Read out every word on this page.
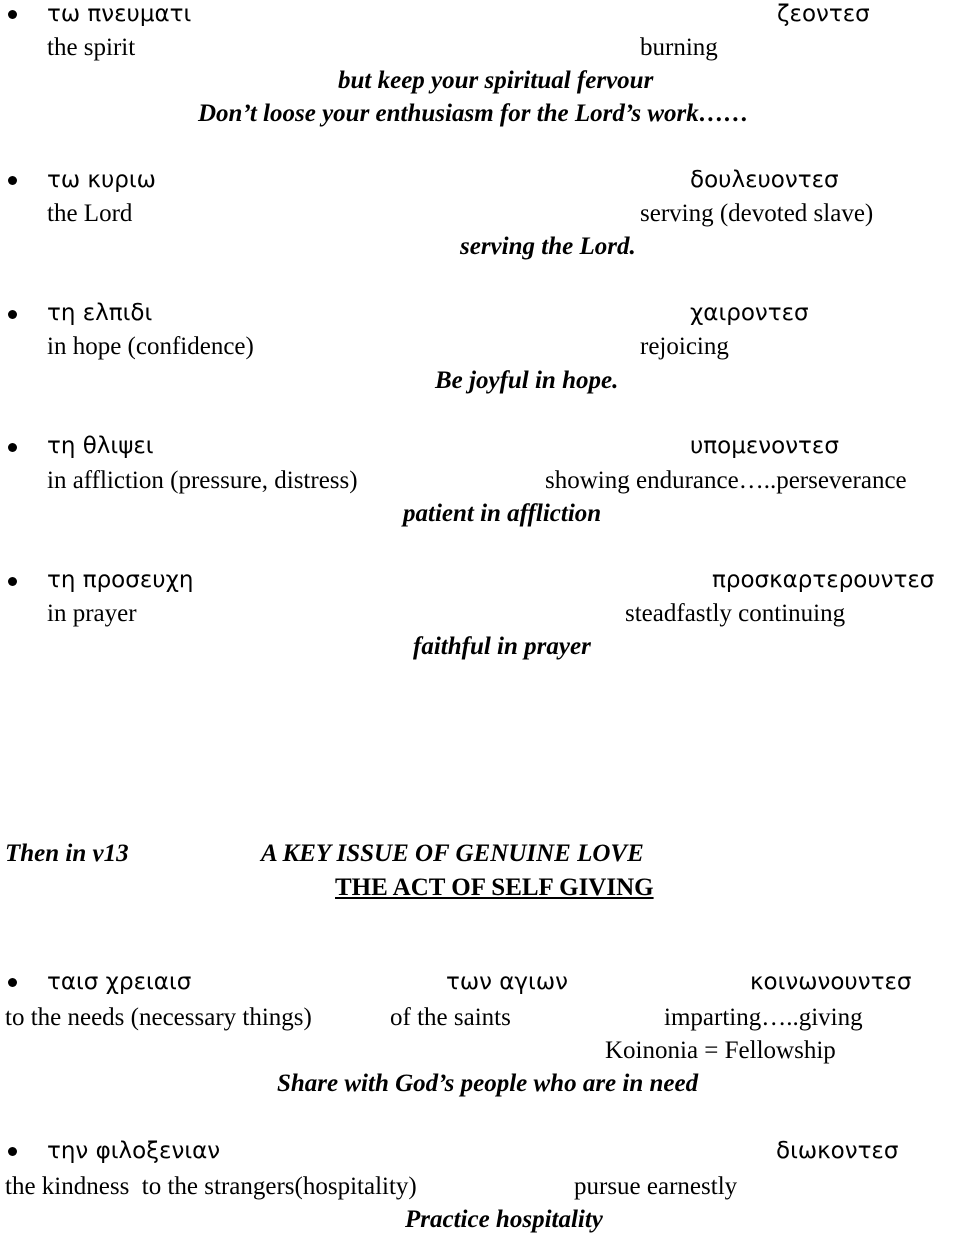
τω πνευματι	ζεοντεσ
the spirit	burning
but keep your spiritual fervour
Don’t loose your enthusiasm for the Lord’s work……
τω κυριω	δουλευοντεσ
the Lord	serving (devoted slave)
serving the Lord.
τη ελπιδι	χαιροντεσ
in hope (confidence)	rejoicing
Be joyful in hope.
τη θλιψει	υπομενοντεσ
in affliction (pressure, distress)	showing endurance…..perseverance
patient in affliction
τη προσευχη	προσκαρτερουντεσ
in prayer	steadfastly continuing
faithful in prayer
Then in v13	A KEY ISSUE OF GENUINE LOVE
THE ACT OF SELF GIVING
ταισ χρειαισ	των αγιων	κοινωνουντεσ
to the needs (necessary things)	of the saints	imparting…..giving
Koinonia = Fellowship
Share with God’s people who are in need
την φιλοξενιαν	διωκοντεσ
the kindness  to the strangers(hospitality)	pursue earnestly
Practice hospitality
